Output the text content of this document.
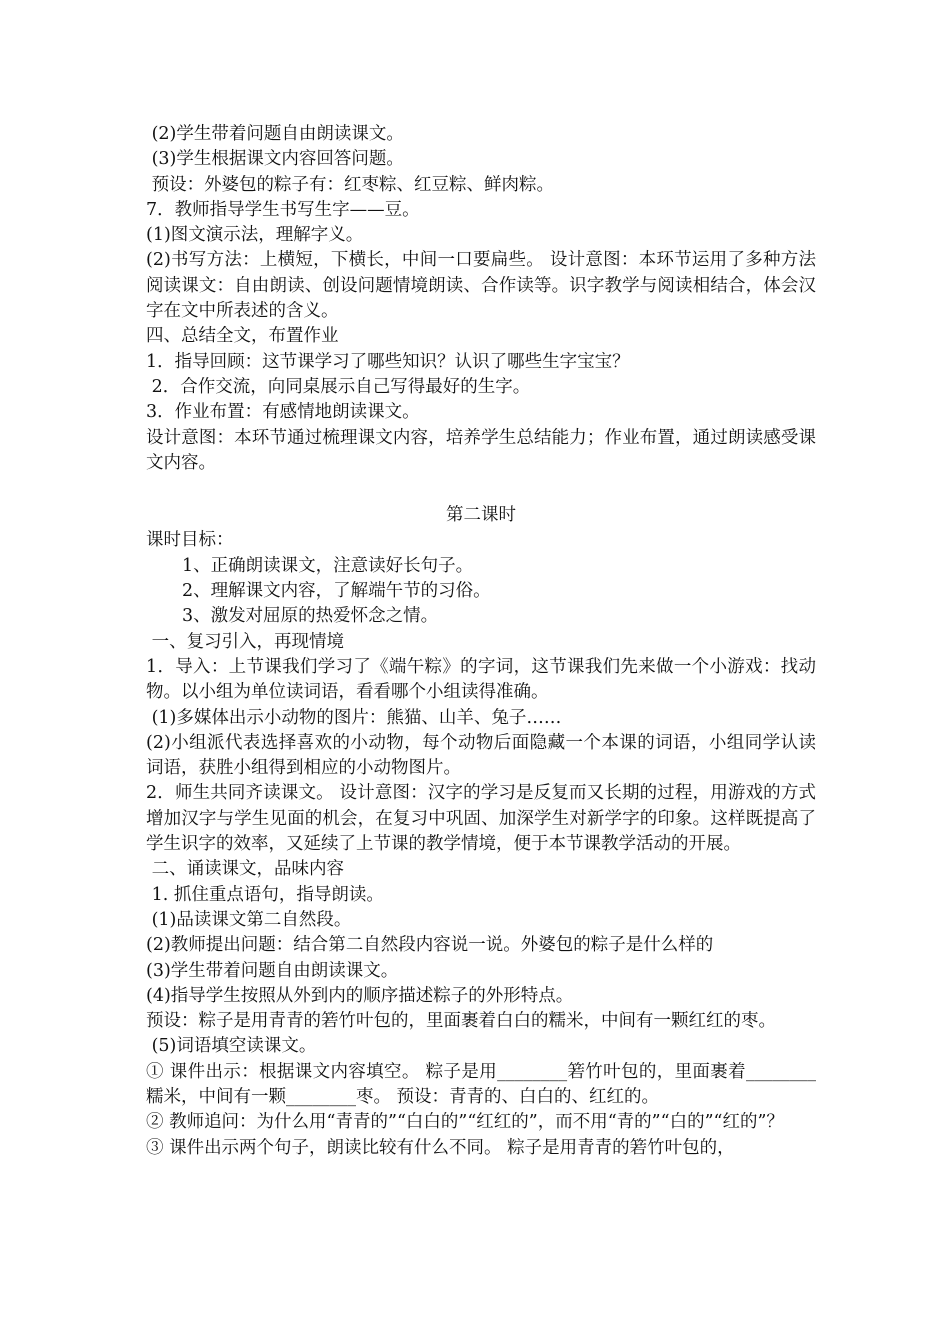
(2)学生带着问题自由朗读课文。
(3)学生根据课文内容回答问题。
预设：外婆包的粽子有：红枣粽、红豆粽、鲜肉粽。
7．教师指导学生书写生字——豆。
(1)图文演示法，理解字义。
(2)书写方法：上横短，下横长，中间一口要扁些。 设计意图：本环节运用了多种方法阅读课文：自由朗读、创设问题情境朗读、合作读等。识字教学与阅读相结合，体会汉字在文中所表述的含义。
四、总结全文，布置作业
1．指导回顾：这节课学习了哪些知识？认识了哪些生字宝宝？
2．合作交流，向同桌展示自己写得最好的生字。
3．作业布置：有感情地朗读课文。
设计意图：本环节通过梳理课文内容，培养学生总结能力；作业布置，通过朗读感受课文内容。
第二课时
课时目标：
1、正确朗读课文，注意读好长句子。
2、理解课文内容，了解端午节的习俗。
3、激发对屈原的热爱怀念之情。
一、复习引入，再现情境
1．导入：上节课我们学习了《端午粽》的字词，这节课我们先来做一个小游戏：找动物。以小组为单位读词语，看看哪个小组读得准确。
(1)多媒体出示小动物的图片：熊猫、山羊、兔子……
(2)小组派代表选择喜欢的小动物，每个动物后面隐藏一个本课的词语，小组同学认读词语，获胜小组得到相应的小动物图片。
2．师生共同齐读课文。 设计意图：汉字的学习是反复而又长期的过程，用游戏的方式增加汉字与学生见面的机会，在复习中巩固、加深学生对新学字的印象。这样既提高了学生识字的效率，又延续了上节课的教学情境，便于本节课教学活动的开展。
二、诵读课文，品味内容
1. 抓住重点语句，指导朗读。
(1)品读课文第二自然段。
(2)教师提出问题：结合第二自然段内容说一说。外婆包的粽子是什么样的
(3)学生带着问题自由朗读课文。
(4)指导学生按照从外到内的顺序描述粽子的外形特点。
预设：粽子是用青青的箬竹叶包的，里面裹着白白的糯米，中间有一颗红红的枣。
(5)词语填空读课文。
① 课件出示：根据课文内容填空。 粽子是用________箬竹叶包的，里面裹着________糯米，中间有一颗________枣。 预设：青青的、白白的、红红的。
② 教师追问：为什么用“青青的”“白白的”“红红的”，而不用“青的”“白的”“红的”？
③ 课件出示两个句子，朗读比较有什么不同。 粽子是用青青的箬竹叶包的，
